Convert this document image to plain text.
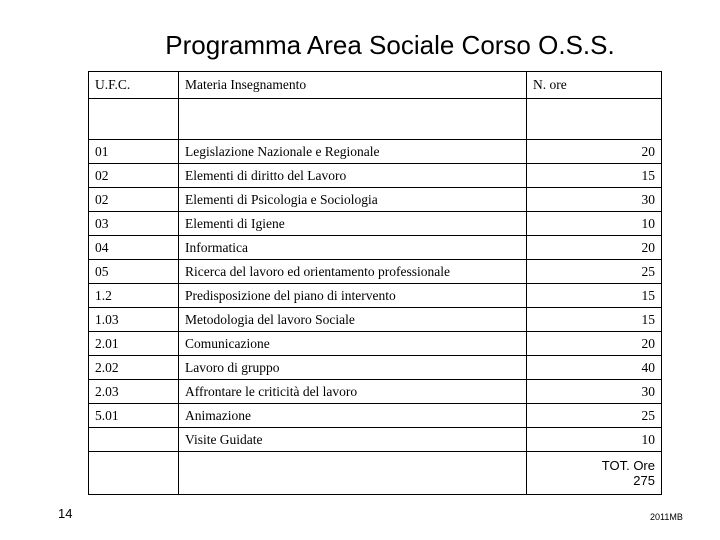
Programma Area Sociale Corso O.S.S.
U.F.C.	Materia Insegnamento	N. ore

01	Legislazione Nazionale e Regionale	20
02	Elementi di diritto del Lavoro	15
02	Elementi di Psicologia e Sociologia	30
03	Elementi di Igiene	10
04	Informatica	20
05	Ricerca del lavoro ed orientamento professionale	25
1.2	Predisposizione del piano di intervento	15
1.03	Metodologia del lavoro Sociale	15
2.01	Comunicazione	20
2.02	Lavoro di gruppo	40
2.03	Affrontare le criticità del lavoro	30
5.01	Animazione	25
	Visite Guidate	10

		TOT. Ore
275
14	2011MB
